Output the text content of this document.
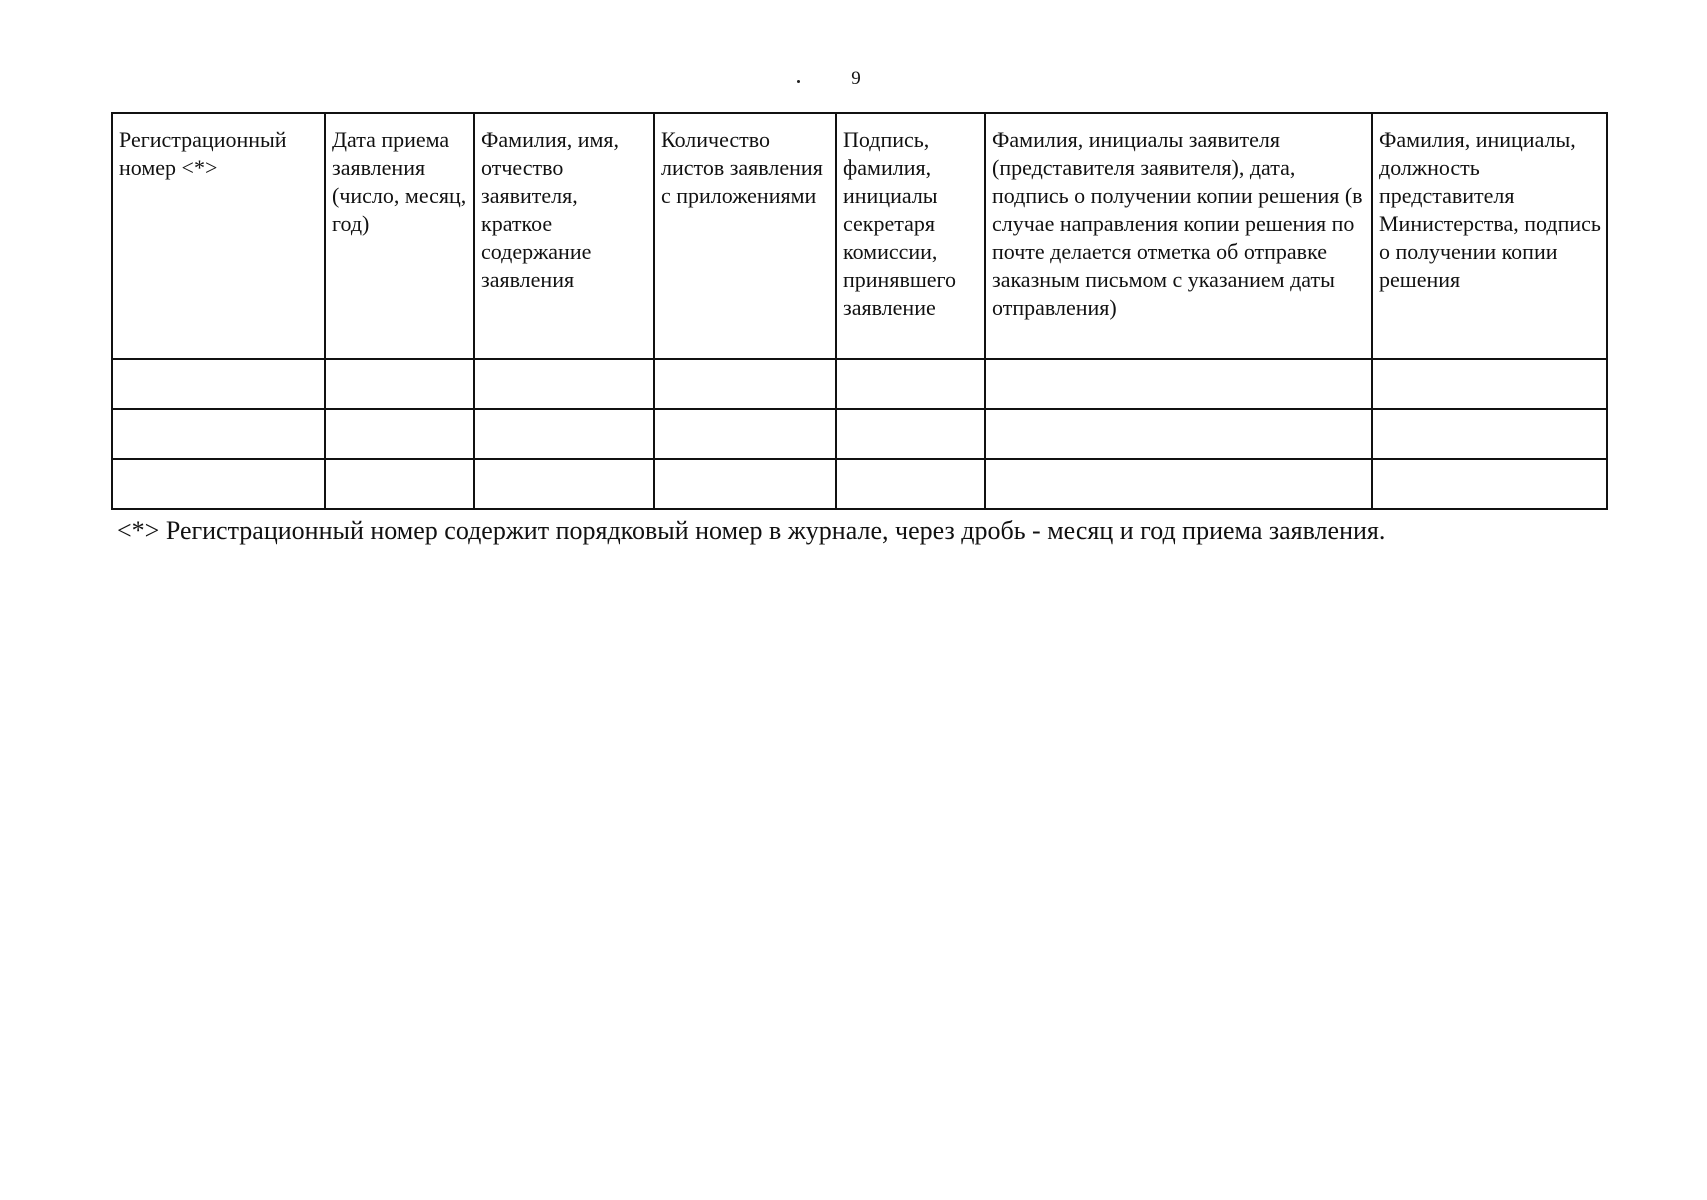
9
Регистрационный номер <*>	Дата приема заявления (число, месяц, год)	Фамилия, имя, отчество заявителя, краткое содержание заявления	Количество листов заявления с приложениями	Подпись, фамилия, инициалы секретаря комиссии, принявшего заявление	Фамилия, инициалы заявителя (представителя заявителя), дата, подпись о получении копии решения (в случае направления копии решения по почте делается отметка об отправке заказным письмом с указанием даты отправления)	Фамилия, инициалы, должность представителя Министерства, подпись о получении копии решения

<*> Регистрационный номер содержит порядковый номер в журнале, через дробь - месяц и год приема заявления.
